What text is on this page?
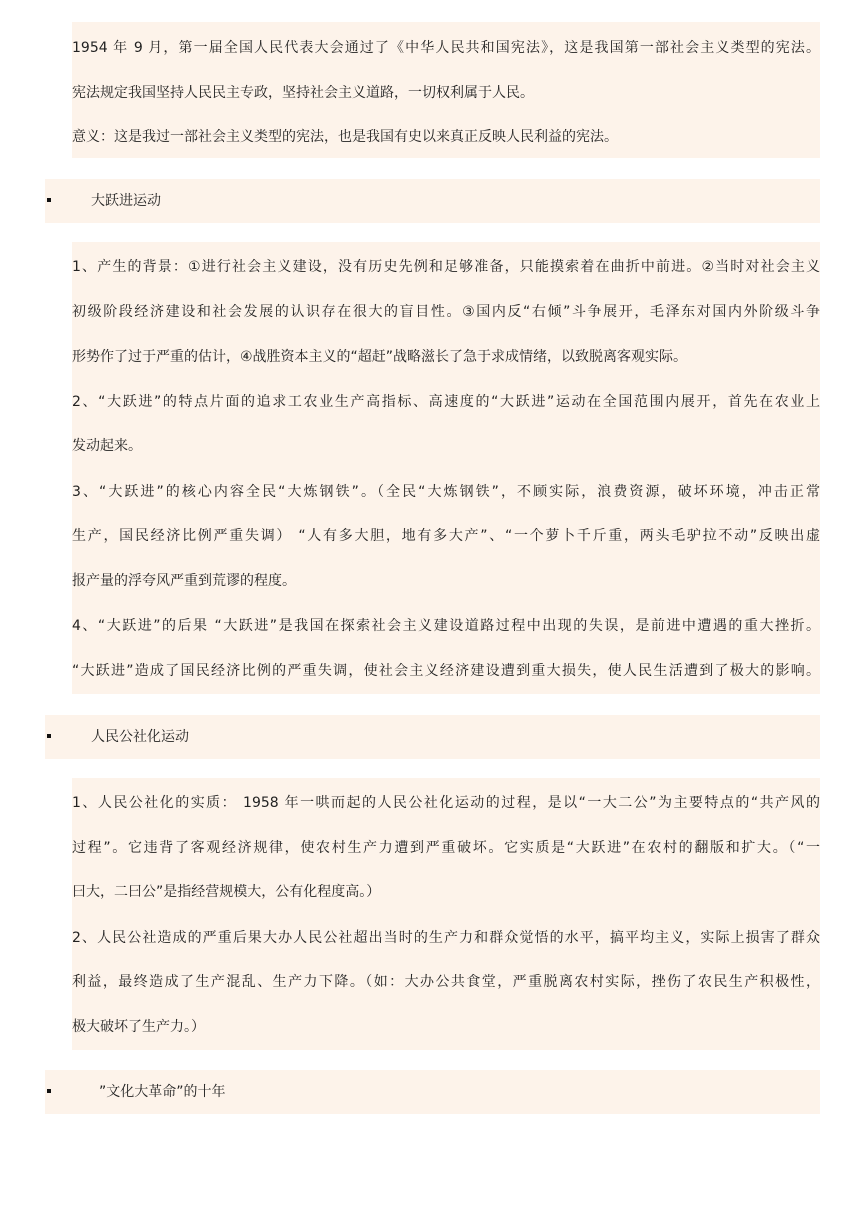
1954 年 9 月，第一届全国人民代表大会通过了《中华人民共和国宪法》，这是我国第一部社会主义类型的宪法。
宪法规定我国坚持人民民主专政，坚持社会主义道路，一切权利属于人民。
意义：这是我过一部社会主义类型的宪法，也是我国有史以来真正反映人民利益的宪法。
大跃进运动
1、产生的背景：①进行社会主义建设，没有历史先例和足够准备，只能摸索着在曲折中前进。②当时对社会主义
初级阶段经济建设和社会发展的认识存在很大的盲目性。③国内反“右倾”斗争展开，毛泽东对国内外阶级斗争
形势作了过于严重的估计，④战胜资本主义的“超赶”战略滋长了急于求成情绪，以致脱离客观实际。
2、“大跃进”的特点片面的追求工农业生产高指标、高速度的“大跃进”运动在全国范围内展开，首先在农业上
发动起来。
3、“大跃进”的核心内容全民“大炼钢铁”。（全民“大炼钢铁”，不顾实际，浪费资源，破坏环境，冲击正常
生产，国民经济比例严重失调） “人有多大胆，地有多大产”、“一个萝卜千斤重，两头毛驴拉不动”反映出虚
报产量的浮夸风严重到荒谬的程度。
4、“大跃进”的后果 “大跃进”是我国在探索社会主义建设道路过程中出现的失误，是前进中遭遇的重大挫折。
“大跃进”造成了国民经济比例的严重失调，使社会主义经济建设遭到重大损失，使人民生活遭到了极大的影响。
人民公社化运动
1、人民公社化的实质： 1958 年一哄而起的人民公社化运动的过程，是以“一大二公”为主要特点的“共产风的
过程”。它违背了客观经济规律，使农村生产力遭到严重破坏。它实质是“大跃进”在农村的翻版和扩大。（“一
曰大，二曰公”是指经营规模大，公有化程度高。）
2、人民公社造成的严重后果大办人民公社超出当时的生产力和群众觉悟的水平，搞平均主义，实际上损害了群众
利益，最终造成了生产混乱、生产力下降。（如：大办公共食堂，严重脱离农村实际，挫伤了农民生产积极性，
极大破坏了生产力。）
”文化大革命”的十年
